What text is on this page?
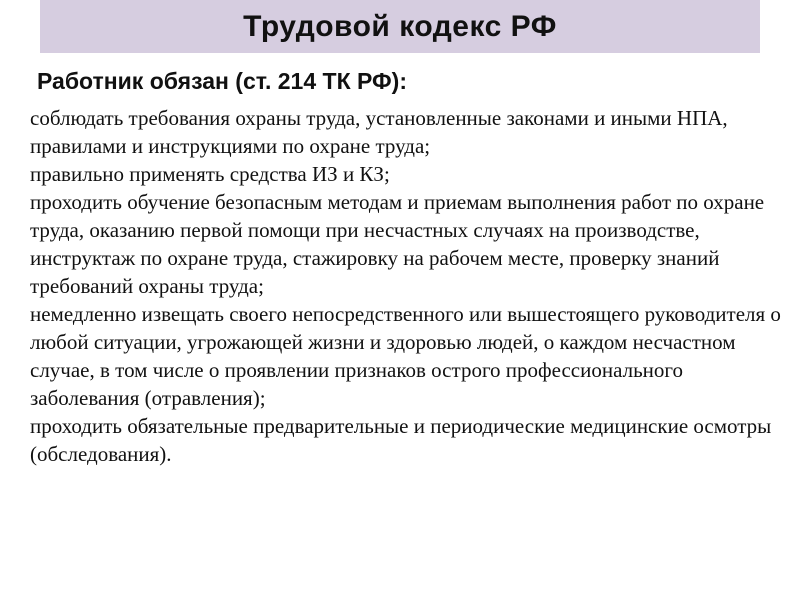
Трудовой кодекс РФ

Работник обязан (ст. 214 ТК РФ):

соблюдать требования охраны труда, установленные законами и иными НПА, правилами и инструкциями по охране труда;
правильно применять средства ИЗ и КЗ;
проходить обучение безопасным методам и приемам выполнения работ по охране труда, оказанию первой помощи при несчастных случаях на производстве, инструктаж по охране труда, стажировку на рабочем месте, проверку знаний требований охраны труда;
немедленно извещать своего непосредственного или вышестоящего руководителя о любой ситуации, угрожающей жизни и здоровью людей, о каждом несчастном случае, в том числе о проявлении признаков острого профессионального заболевания (отравления);
проходить обязательные предварительные и периодические медицинские осмотры (обследования).
